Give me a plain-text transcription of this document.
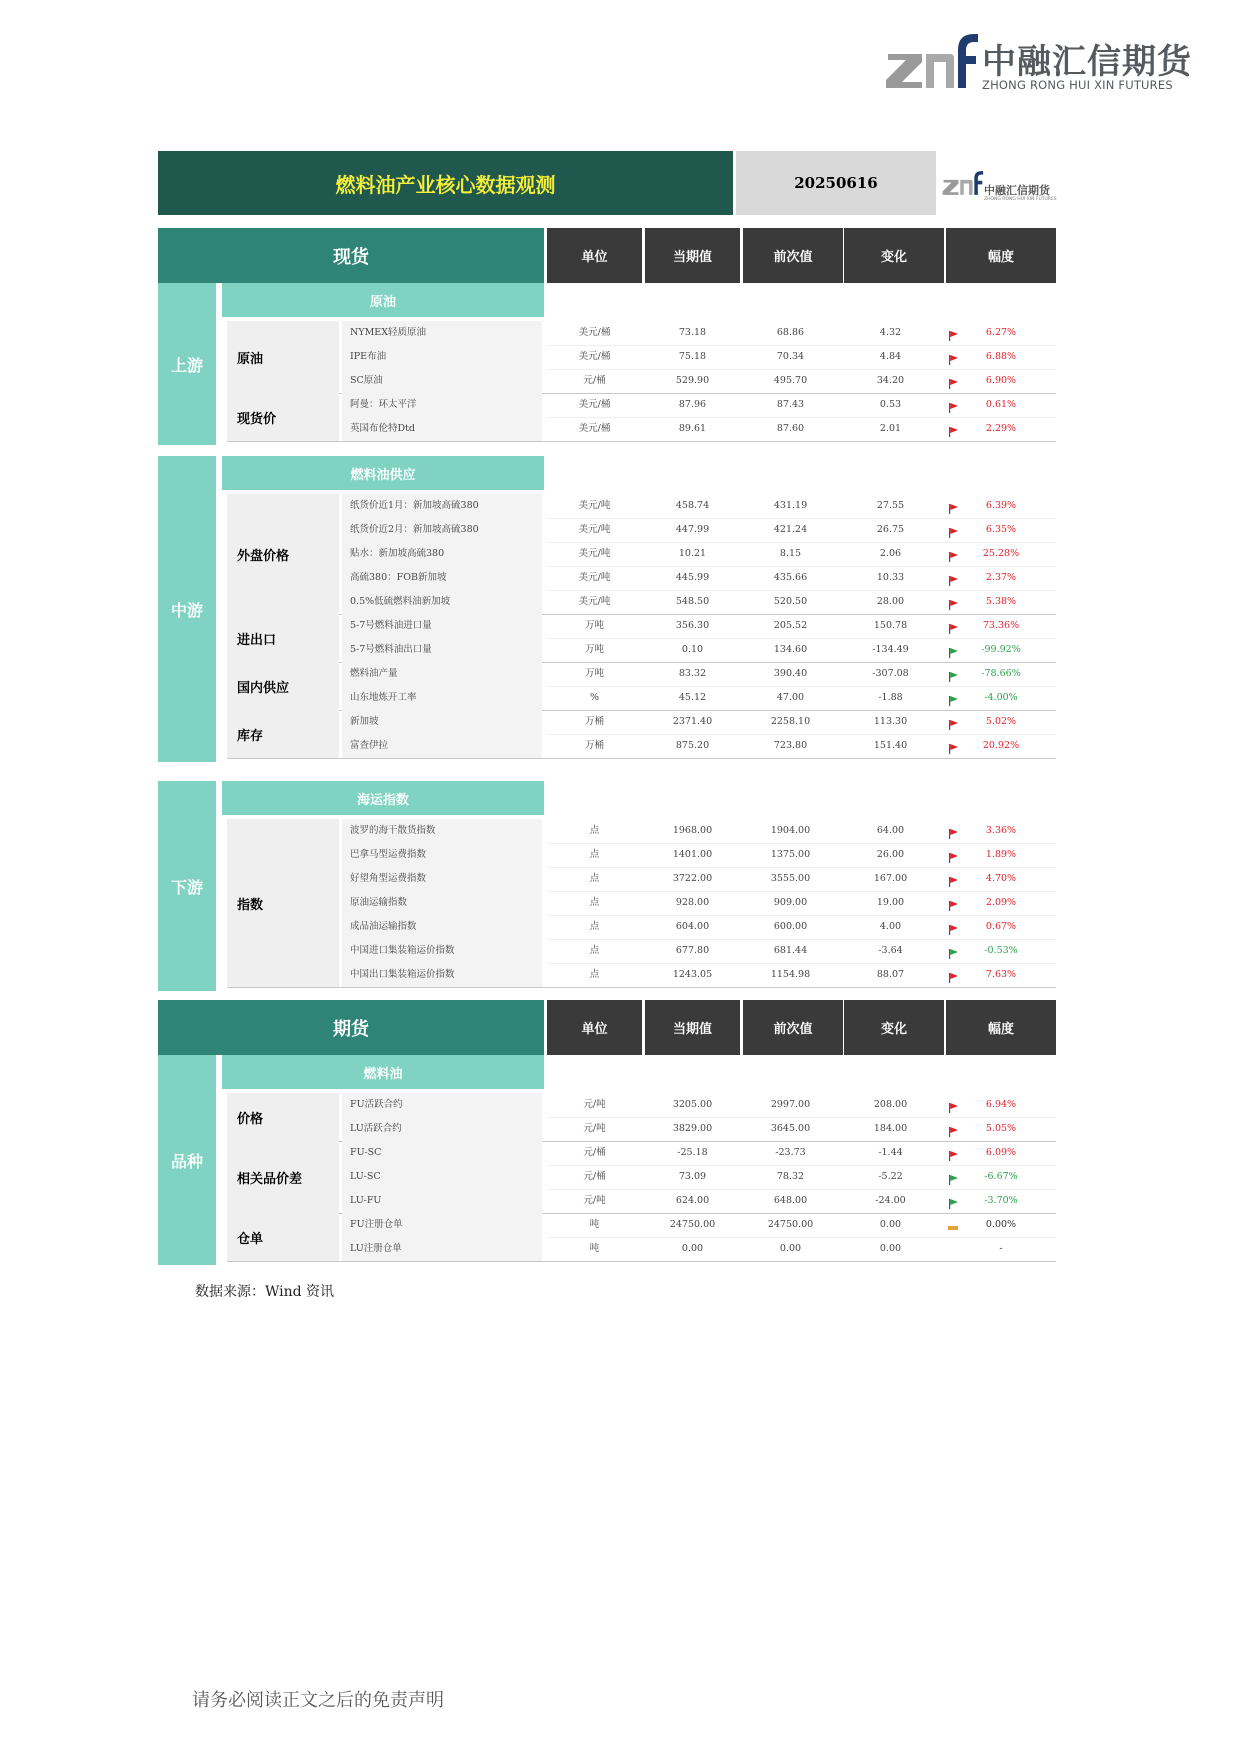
中融汇信期货
ZHONG RONG HUI XIN FUTURES
燃料油产业核心数据观测	20250616	中融汇信期货
ZHONG RONG HUI XIN FUTURES
现货	单位	当期值	前次值	变化	幅度
上游
原油
原油
NYMEX轻质原油	美元/桶	73.18	68.86	4.32	6.27%
IPE布油	美元/桶	75.18	70.34	4.84	6.88%
SC原油	元/桶	529.90	495.70	34.20	6.90%
现货价
阿曼：环太平洋	美元/桶	87.96	87.43	0.53	0.61%
英国布伦特Dtd	美元/桶	89.61	87.60	2.01	2.29%
中游
燃料油供应
外盘价格
纸货价近1月：新加坡高硫380	美元/吨	458.74	431.19	27.55	6.39%
纸货价近2月：新加坡高硫380	美元/吨	447.99	421.24	26.75	6.35%
贴水：新加坡高硫380	美元/吨	10.21	8.15	2.06	25.28%
高硫380：FOB新加坡	美元/吨	445.99	435.66	10.33	2.37%
0.5%低硫燃料油新加坡	美元/吨	548.50	520.50	28.00	5.38%
进出口
5-7号燃料油进口量	万吨	356.30	205.52	150.78	73.36%
5-7号燃料油出口量	万吨	0.10	134.60	-134.49	-99.92%
国内供应
燃料油产量	万吨	83.32	390.40	-307.08	-78.66%
山东地炼开工率	%	45.12	47.00	-1.88	-4.00%
库存
新加坡	万桶	2371.40	2258.10	113.30	5.02%
富查伊拉	万桶	875.20	723.80	151.40	20.92%
下游
海运指数
指数
波罗的海干散货指数	点	1968.00	1904.00	64.00	3.36%
巴拿马型运费指数	点	1401.00	1375.00	26.00	1.89%
好望角型运费指数	点	3722.00	3555.00	167.00	4.70%
原油运输指数	点	928.00	909.00	19.00	2.09%
成品油运输指数	点	604.00	600.00	4.00	0.67%
中国进口集装箱运价指数	点	677.80	681.44	-3.64	-0.53%
中国出口集装箱运价指数	点	1243.05	1154.98	88.07	7.63%
期货	单位	当期值	前次值	变化	幅度
品种
燃料油
价格
FU活跃合约	元/吨	3205.00	2997.00	208.00	6.94%
LU活跃合约	元/吨	3829.00	3645.00	184.00	5.05%
相关品价差
FU-SC	元/桶	-25.18	-23.73	-1.44	6.09%
LU-SC	元/桶	73.09	78.32	-5.22	-6.67%
LU-FU	元/吨	624.00	648.00	-24.00	-3.70%
仓单
FU注册仓单	吨	24750.00	24750.00	0.00	0.00%
LU注册仓单	吨	0.00	0.00	0.00	-
数据来源：Wind 资讯
请务必阅读正文之后的免责声明
